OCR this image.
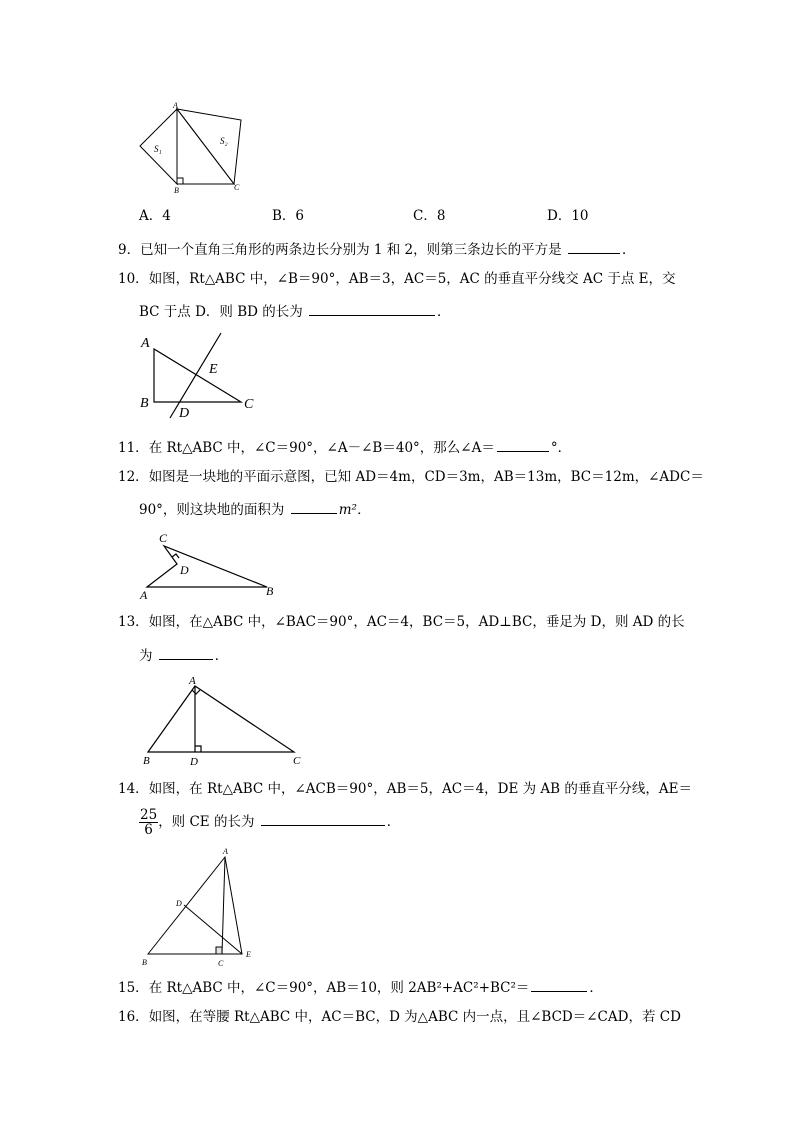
A
B	C
S₁
S₂
A．4	B．6	C．8	D．10
9．已知一个直角三角形的两条边长分别为 1 和 2，则第三条边长的平方是	．
10．如图，Rt△ABC 中，∠B＝90°，AB＝3，AC＝5，AC 的垂直平分线交 AC 于点 E，交
BC 于点 D．则 BD 的长为	．
A
B	C
D
E
11．在 Rt△ABC 中，∠C＝90°，∠A－∠B＝40°，那么∠A＝	°．
12．如图是一块地的平面示意图，已知 AD＝4m，CD＝3m，AB＝13m，BC＝12m，∠ADC＝
90°，则这块地的面积为	m²．
C
D
A	B
13．如图，在△ABC 中，∠BAC＝90°，AC＝4，BC＝5，AD⊥BC，垂足为 D，则 AD 的长
为	．
A
B	D	C
14．如图，在 Rt△ABC 中，∠ACB＝90°，AB＝5，AC＝4，DE 为 AB 的垂直平分线，AE＝
$\frac{25}{6}$ ，则 CE 的长为	．
A
D
B	C
E
15．在 Rt△ABC 中，∠C＝90°，AB＝10，则 2AB²+AC²+BC²＝	．
16．如图，在等腰 Rt△ABC 中，AC＝BC，D 为△ABC 内一点，且∠BCD＝∠CAD，若 CD
